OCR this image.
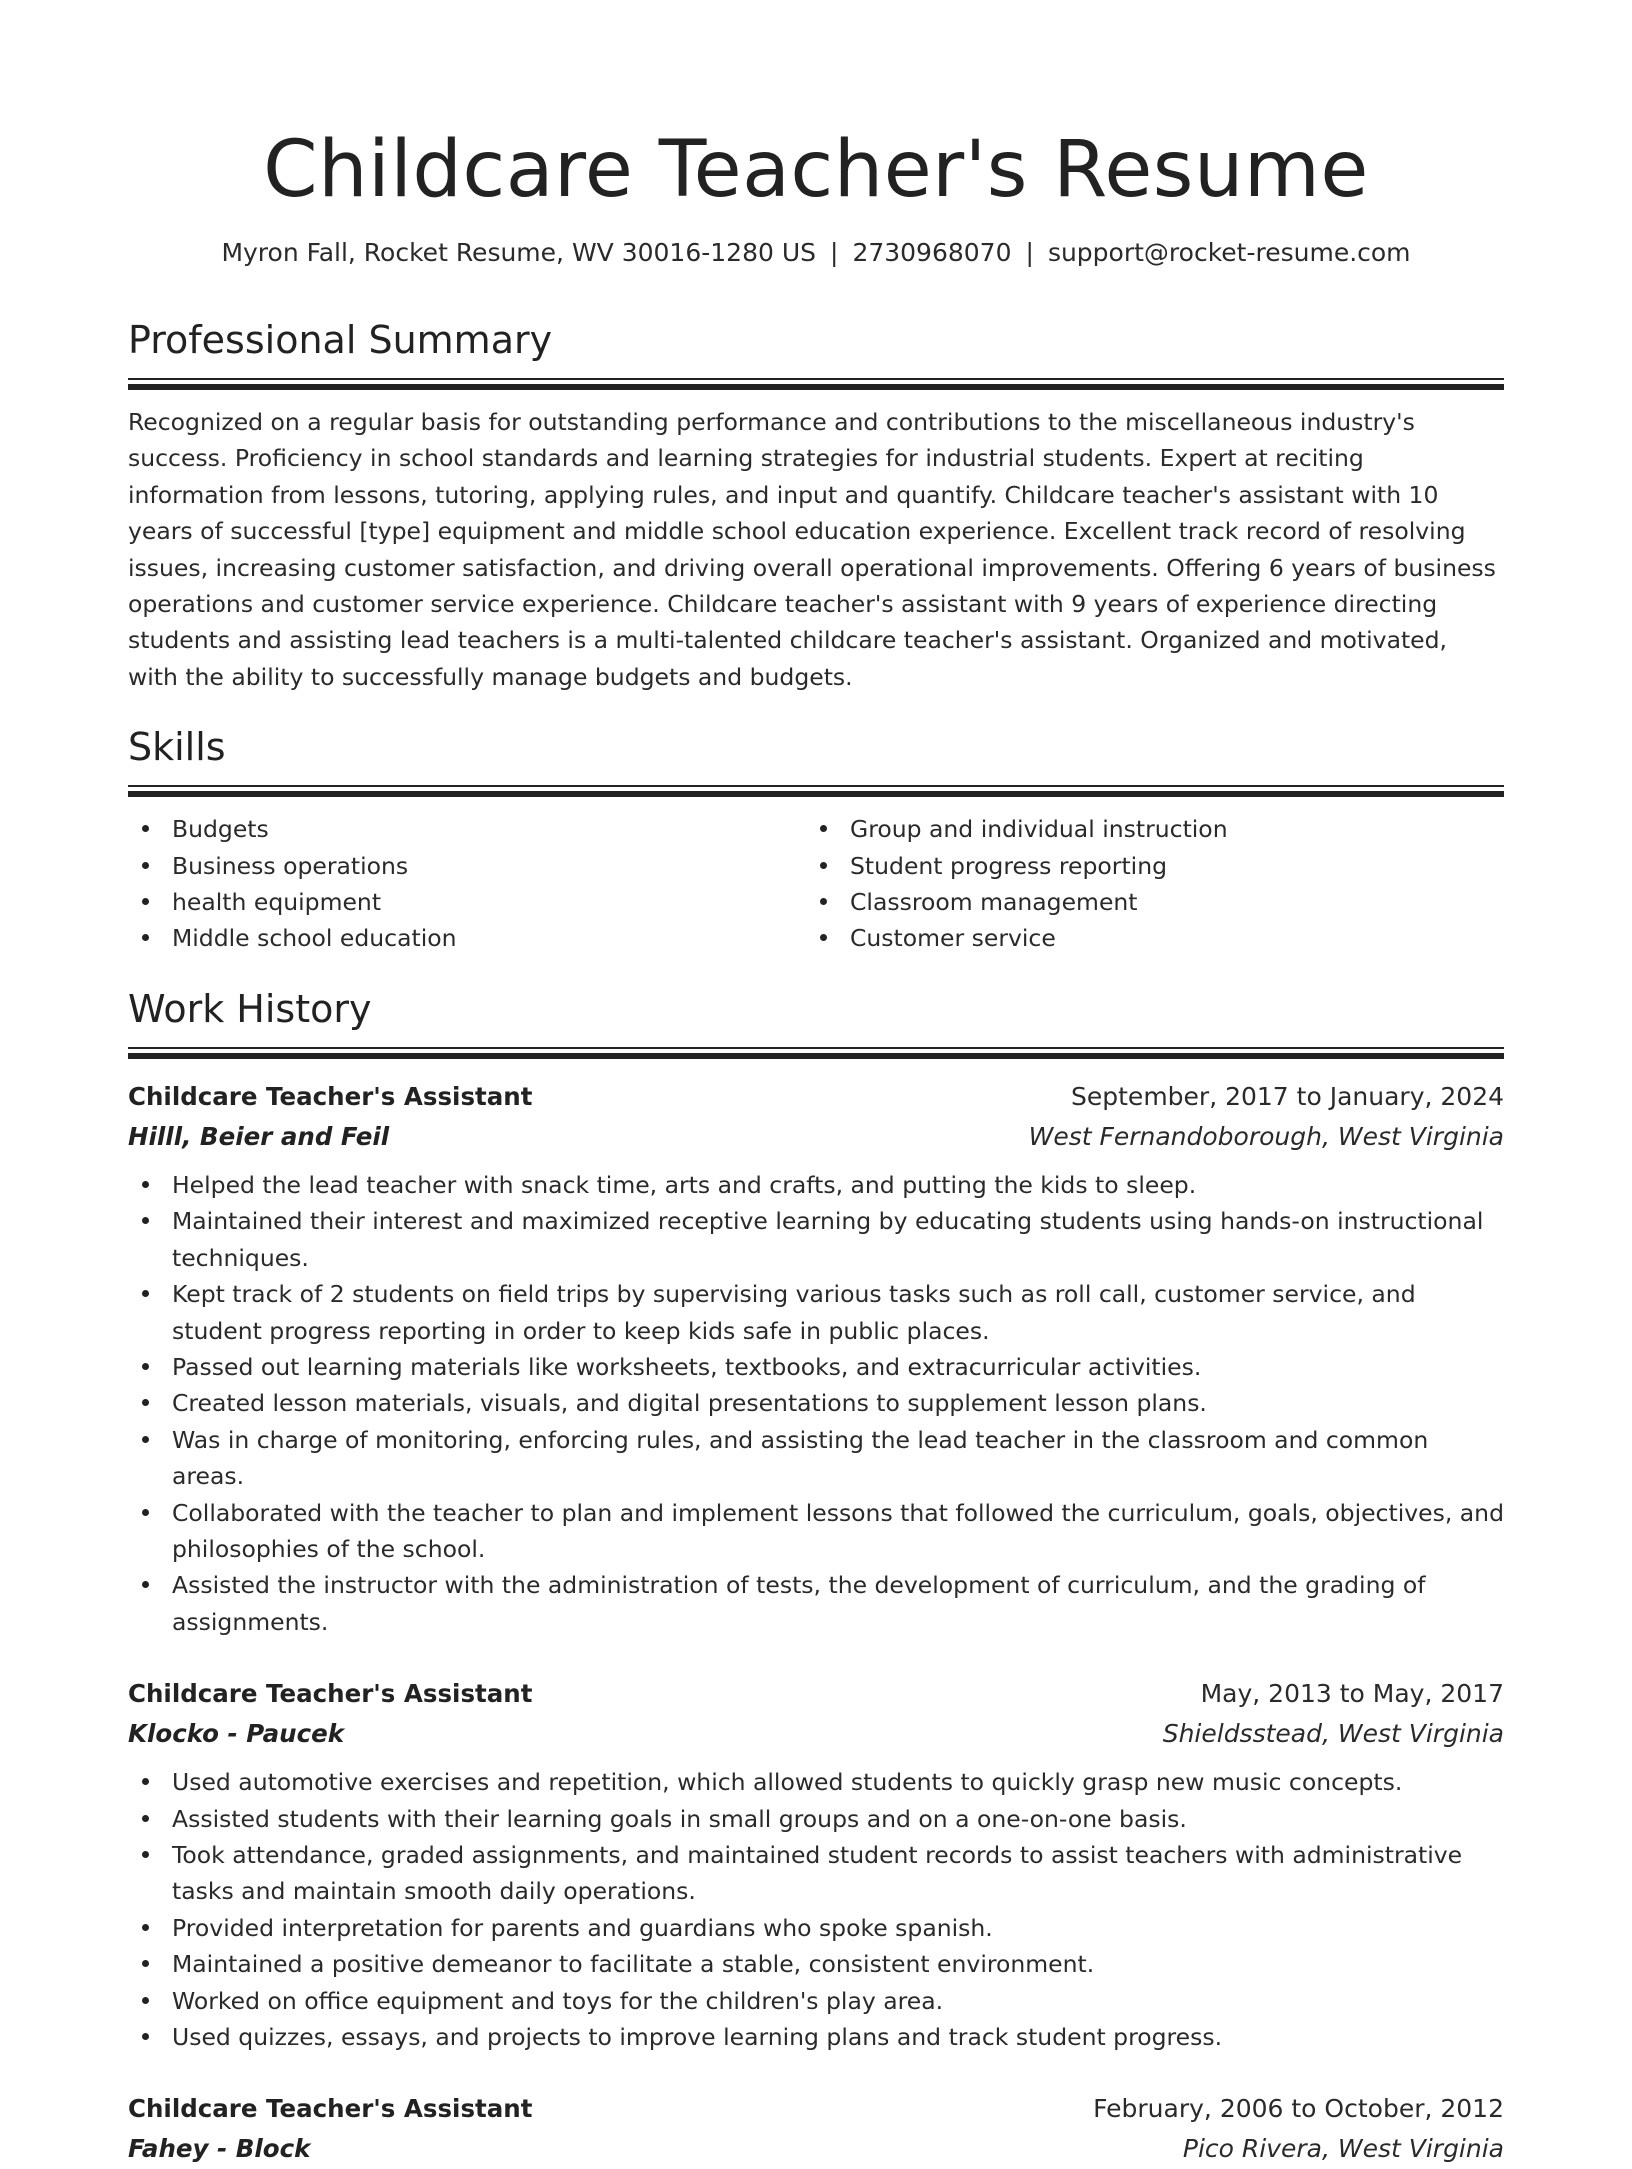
Childcare Teacher's Resume
Myron Fall, Rocket Resume, WV 30016-1280 US | 2730968070 | support@rocket-resume.com
Professional Summary

Recognized on a regular basis for outstanding performance and contributions to the miscellaneous industry's success. Proficiency in school standards and learning strategies for industrial students. Expert at reciting information from lessons, tutoring, applying rules, and input and quantify. Childcare teacher's assistant with 10 years of successful [type] equipment and middle school education experience. Excellent track record of resolving issues, increasing customer satisfaction, and driving overall operational improvements. Offering 6 years of business operations and customer service experience. Childcare teacher's assistant with 9 years of experience directing students and assisting lead teachers is a multi-talented childcare teacher's assistant. Organized and motivated, with the ability to successfully manage budgets and budgets.

Skills
Budgets
Business operations
health equipment
Middle school education
Group and individual instruction
Student progress reporting
Classroom management
Customer service
Work History
Childcare Teacher's Assistant	September, 2017 to January, 2024
Hilll, Beier and Feil	West Fernandoborough, West Virginia
Helped the lead teacher with snack time, arts and crafts, and putting the kids to sleep.
Maintained their interest and maximized receptive learning by educating students using hands-on instructional techniques.
Kept track of 2 students on field trips by supervising various tasks such as roll call, customer service, and student progress reporting in order to keep kids safe in public places.
Passed out learning materials like worksheets, textbooks, and extracurricular activities.
Created lesson materials, visuals, and digital presentations to supplement lesson plans.
Was in charge of monitoring, enforcing rules, and assisting the lead teacher in the classroom and common areas.
Collaborated with the teacher to plan and implement lessons that followed the curriculum, goals, objectives, and philosophies of the school.
Assisted the instructor with the administration of tests, the development of curriculum, and the grading of assignments.
Childcare Teacher's Assistant	May, 2013 to May, 2017
Klocko - Paucek	Shieldsstead, West Virginia
Used automotive exercises and repetition, which allowed students to quickly grasp new music concepts.
Assisted students with their learning goals in small groups and on a one-on-one basis.
Took attendance, graded assignments, and maintained student records to assist teachers with administrative tasks and maintain smooth daily operations.
Provided interpretation for parents and guardians who spoke spanish.
Maintained a positive demeanor to facilitate a stable, consistent environment.
Worked on office equipment and toys for the children's play area.
Used quizzes, essays, and projects to improve learning plans and track student progress.
Childcare Teacher's Assistant	February, 2006 to October, 2012
Fahey - Block	Pico Rivera, West Virginia
